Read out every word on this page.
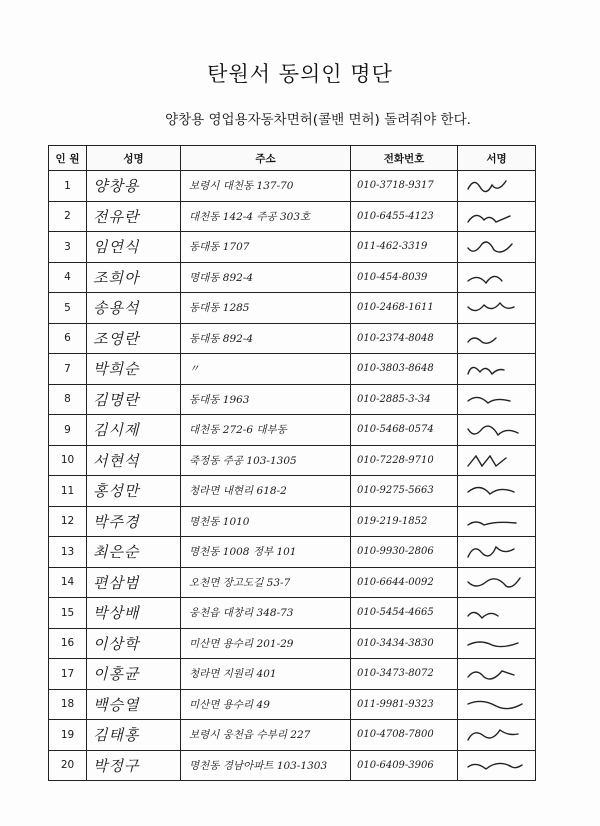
탄원서 동의인 명단
양창용 영업용자동차면허(콜밴 면허) 돌려줘야 한다.
인 원	성명	주소	전화번호	서명
1	양창용	보령시 대천동 137-70	010-3718-9317	

2	전유란	대천동 142-4 주공 303호	010-6455-4123	

3	임연식	동대동 1707	011-462-3319	

4	조희아	명대동 892-4	010-454-8039	

5	송용석	동대동 1285	010-2468-1611	

6	조영란	동대동 892-4	010-2374-8048	

7	박희순	〃	010-3803-8648	

8	김명란	동대동 1963	010-2885-3-34	

9	김시제	대천동 272-6 대부동	010-5468-0574	

10	서현석	죽정동 주공 103-1305	010-7228-9710	

11	홍성만	청라면 내현리 618-2	010-9275-5663	

12	박주경	명천동 1010	019-219-1852	

13	최은순	명천동 1008 정부 101	010-9930-2806	

14	편삼범	오천면 장고도길 53-7	010-6644-0092	

15	박상배	웅천읍 대창리 348-73	010-5454-4665	

16	이상학	미산면 용수리 201-29	010-3434-3830	

17	이홍균	청라면 지원리 401	010-3473-8072	

18	백승열	미산면 용수리 49	011-9981-9323	

19	김태홍	보령시 웅천읍 수부리 227	010-4708-7800	

20	박정구	명천동 경남아파트 103-1303	010-6409-3906	
